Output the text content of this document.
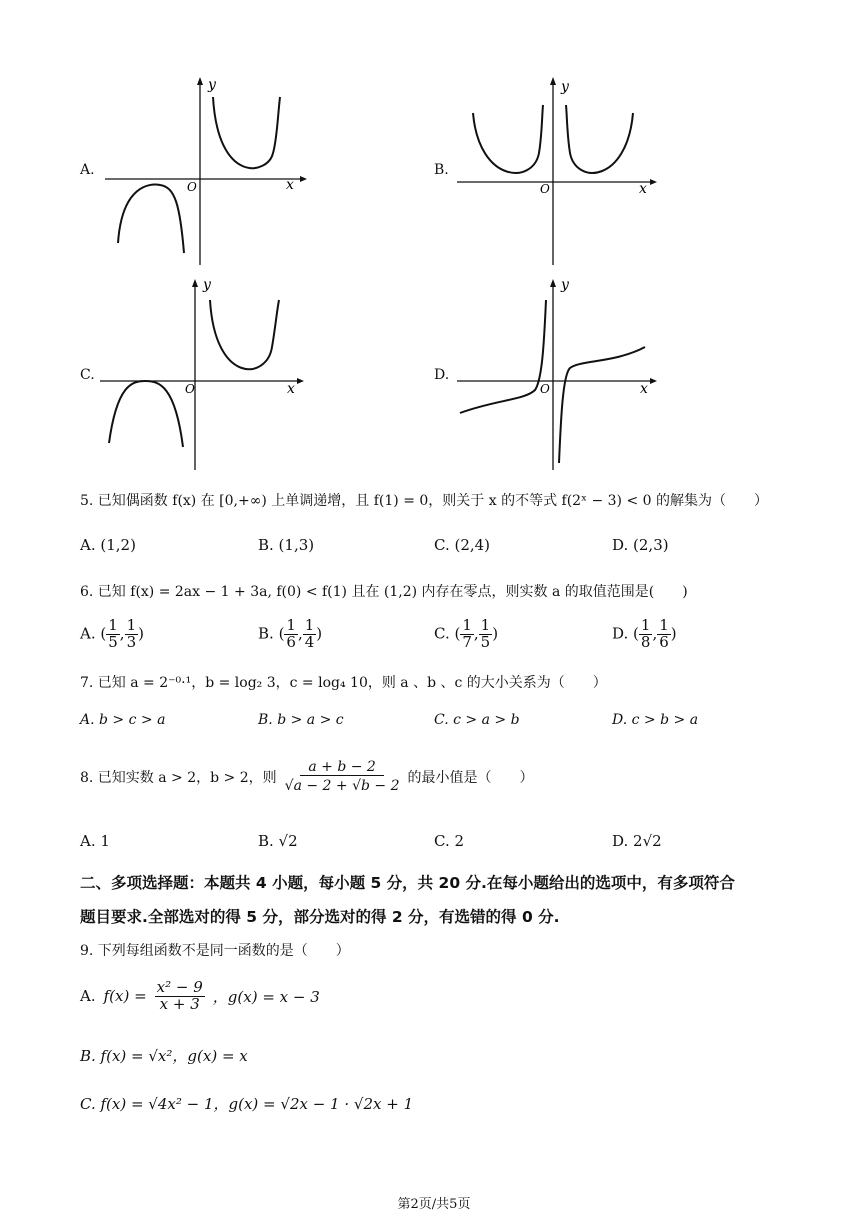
A.
y
x
O
B.
y
x
O
C.
y
x
O
D.
y
x
O
5. 已知偶函数 f(x) 在 [0,+∞) 上单调递增，且 f(1) = 0，则关于 x 的不等式 f(2ˣ − 3) < 0 的解集为（　　）
A. (1,2)	B. (1,3)	C. (2,4)	D. (2,3)
6. 已知 f(x) = 2ax − 1 + 3a, f(0) < f(1) 且在 (1,2) 内存在零点，则实数 a 的取值范围是(　　)
A. ( $\frac{1}{5}$ , $\frac{1}{3}$ )	B. ( $\frac{1}{6}$ , $\frac{1}{4}$ )	C. ( $\frac{1}{7}$ , $\frac{1}{5}$ )	D. ( $\frac{1}{8}$ , $\frac{1}{6}$ )
7. 已知 a = 2⁻⁰·¹，b = log₂ 3，c = log₄ 10，则 a 、b 、c 的大小关系为（　　）
A. b > c > a	B. b > a > c	C. c > a > b	D. c > b > a
8. 已知实数 a > 2，b > 2，则 $\frac{a + b - 2}{√a - 2 + √b - 2}$ 的最小值是（　　）
A. 1	B. √2	C. 2	D. 2√2
二、多项选择题：本题共 4 小题，每小题 5 分，共 20 分.在每小题给出的选项中，有多项符合
题目要求.全部选对的得 5 分，部分选对的得 2 分，有选错的得 0 分.
9. 下列每组函数不是同一函数的是（　　）
A. $f(x) = \frac{\text{x² − 9}}{x + 3}$ ，g(x) = x − 3
B. f(x) = √x²，g(x) = x
C. f(x) = √4x² − 1，g(x) = √2x − 1 · √2x + 1
第2页/共5页
